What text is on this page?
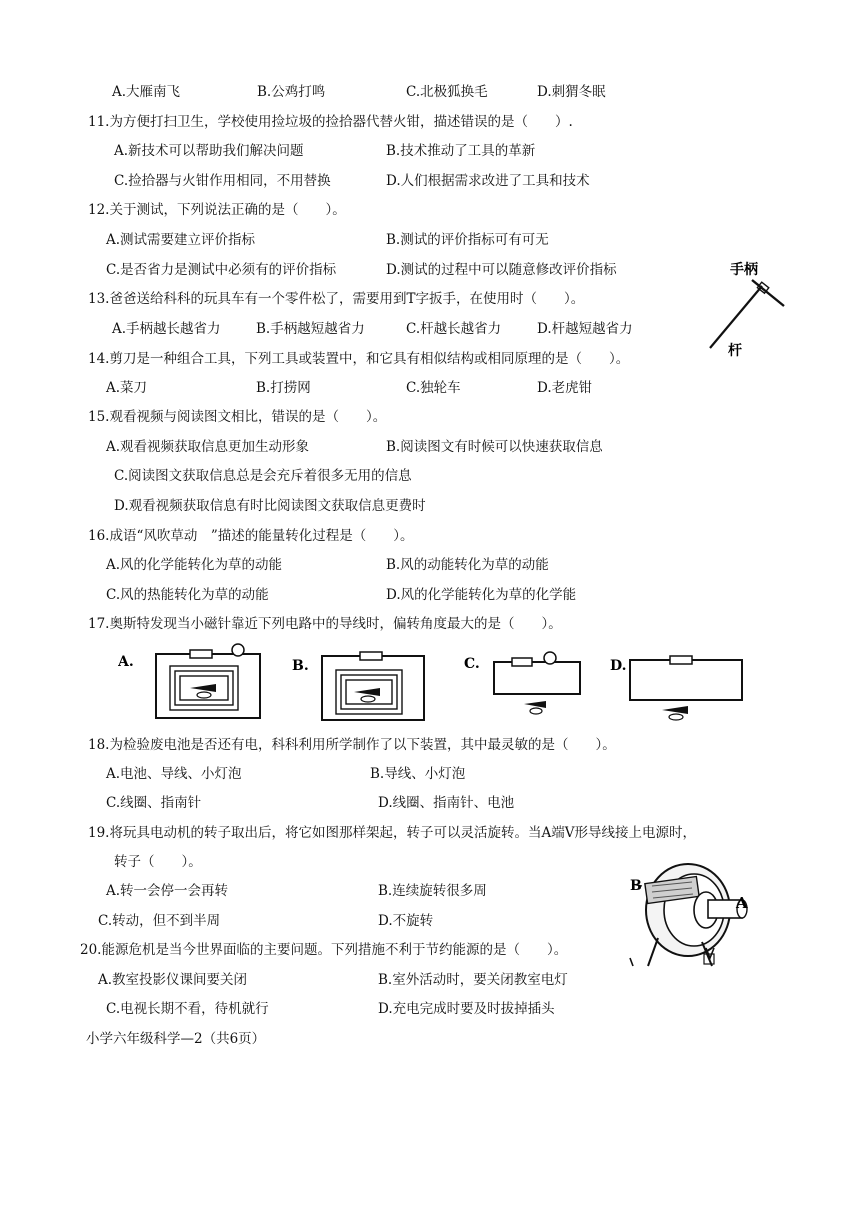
A.大雁南飞	B.公鸡打鸣	C.北极狐换毛	D.刺猬冬眠
11.为方便打扫卫生，学校使用捡垃圾的捡拾器代替火钳，描述错误的是（　　）.
A.新技术可以帮助我们解决问题	B.技术推动了工具的革新
C.捡拾器与火钳作用相同，不用替换	D.人们根据需求改进了工具和技术
12.关于测试，下列说法正确的是（　　）。
A.测试需要建立评价指标	B.测试的评价指标可有可无
C.是否省力是测试中必须有的评价指标	D.测试的过程中可以随意修改评价指标
13.爸爸送给科科的玩具车有一个零件松了，需要用到T字扳手，在使用时（　　）。
A.手柄越长越省力	B.手柄越短越省力	C.杆越长越省力	D.杆越短越省力
手柄
杆
14.剪刀是一种组合工具，下列工具或装置中，和它具有相似结构或相同原理的是（　　）。
A.菜刀	B.打捞网	C.独轮车	D.老虎钳
15.观看视频与阅读图文相比，错误的是（　　）。
A.观看视频获取信息更加生动形象	B.阅读图文有时候可以快速获取信息
C.阅读图文获取信息总是会充斥着很多无用的信息
D.观看视频获取信息有时比阅读图文获取信息更费时
16.成语“风吹草动　”描述的能量转化过程是（　　）。
A.风的化学能转化为草的动能	B.风的动能转化为草的动能
C.风的热能转化为草的动能	D.风的化学能转化为草的化学能
17.奥斯特发现当小磁针靠近下列电路中的导线时，偏转角度最大的是（　　）。
A.	B.	C.	D.
18.为检验废电池是否还有电，科科利用所学制作了以下装置，其中最灵敏的是（　　）。
A.电池、导线、小灯泡	B.导线、小灯泡
C.线圈、指南针	D.线圈、指南针、电池
19.将玩具电动机的转子取出后，将它如图那样架起，转子可以灵活旋转。当A端V形导线接上电源时，
转子（　　）。
A.转一会停一会再转	B.连续旋转很多周
C.转动，但不到半周	D.不旋转
B
A
20.能源危机是当今世界面临的主要问题。下列措施不利于节约能源的是（　　）。
A.教室投影仪课间要关闭	B.室外活动时，要关闭教室电灯
C.电视长期不看，待机就行	D.充电完成时要及时拔掉插头
小学六年级科学—2（共6页）
